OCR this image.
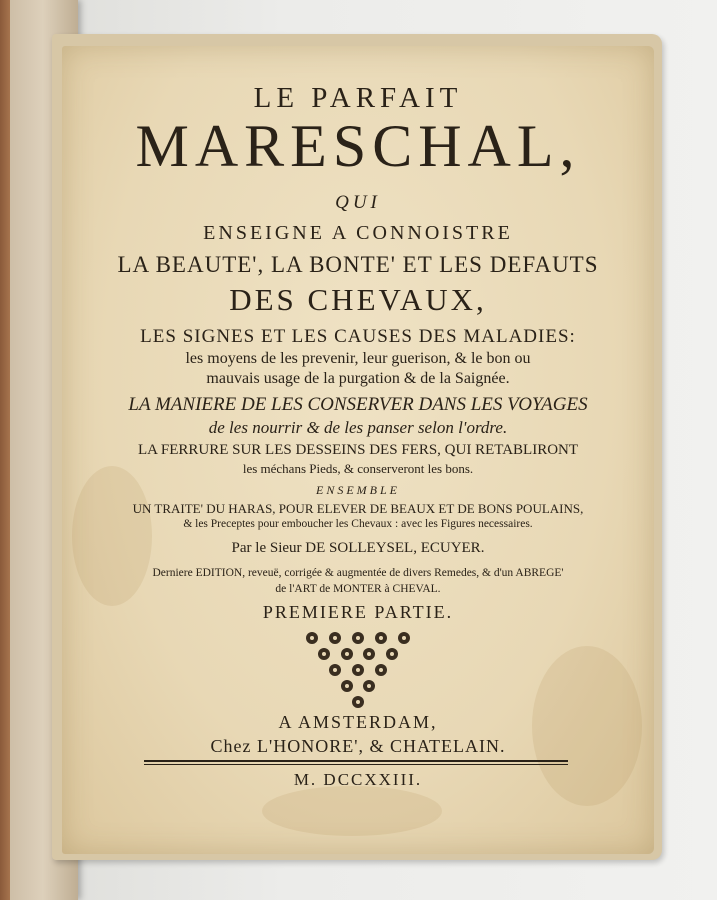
LE PARFAIT
MARESCHAL,
QUI
ENSEIGNE A CONNOISTRE
LA BEAUTE', LA BONTE' ET LES DEFAUTS
DES CHEVAUX,
LES SIGNES ET LES CAUSES DES MALADIES:
les moyens de les prevenir, leur guerison, & le bon ou
mauvais usage de la purgation & de la Saignée.
LA MANIERE DE LES CONSERVER DANS LES VOYAGES
de les nourrir & de les panser selon l'ordre.
LA FERRURE SUR LES DESSEINS DES FERS, QUI RETABLIRONT
les méchans Pieds, & conserveront les bons.
ENSEMBLE
UN TRAITE' DU HARAS, POUR ELEVER DE BEAUX ET DE BONS POULAINS,
& les Preceptes pour emboucher les Chevaux : avec les Figures necessaires.
Par le Sieur DE SOLLEYSEL, ECUYER.
Derniere EDITION, reveuë, corrigée & augmentée de divers Remedes, & d'un ABREGE'
de l'ART de MONTER à CHEVAL.
PREMIERE PARTIE.
A AMSTERDAM,
Chez L'HONORE', & CHATELAIN.
M. DCCXXIII.
